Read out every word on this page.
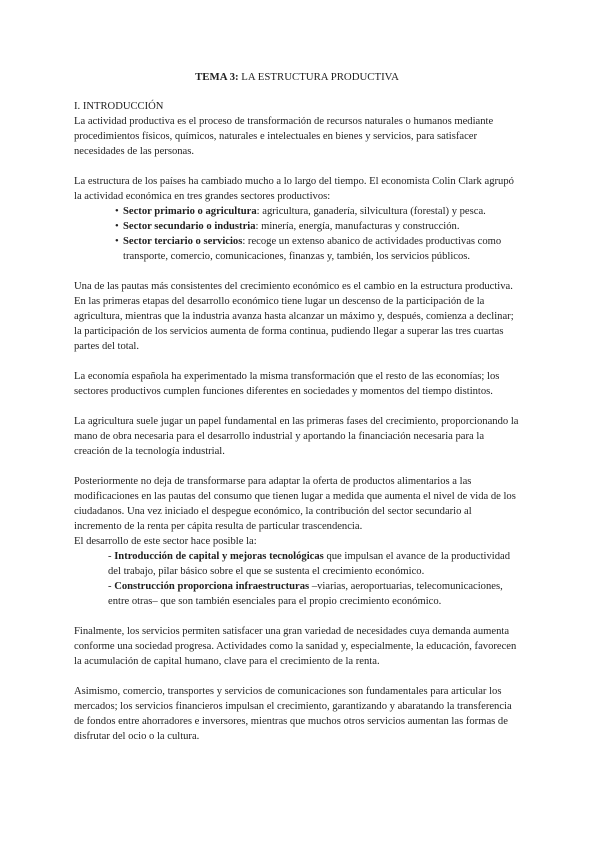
TEMA 3: LA ESTRUCTURA PRODUCTIVA
I. INTRODUCCIÓN

La actividad productiva es el proceso de transformación de recursos naturales o humanos mediante procedimientos físicos, químicos, naturales e intelectuales en bienes y servicios, para satisfacer necesidades de las personas.

La estructura de los países ha cambiado mucho a lo largo del tiempo. El economista Colin Clark agrupó la actividad económica en tres grandes sectores productivos:

• Sector primario o agricultura: agricultura, ganadería, silvicultura (forestal) y pesca.
• Sector secundario o industria: minería, energía, manufacturas y construcción.
• Sector terciario o servicios: recoge un extenso abanico de actividades productivas como transporte, comercio, comunicaciones, finanzas y, también, los servicios públicos.

Una de las pautas más consistentes del crecimiento económico es el cambio en la estructura productiva. En las primeras etapas del desarrollo económico tiene lugar un descenso de la participación de la agricultura, mientras que la industria avanza hasta alcanzar un máximo y, después, comienza a declinar; la participación de los servicios aumenta de forma continua, pudiendo llegar a superar las tres cuartas partes del total.

La economía española ha experimentado la misma transformación que el resto de las economías; los sectores productivos cumplen funciones diferentes en sociedades y momentos del tiempo distintos.

La agricultura suele jugar un papel fundamental en las primeras fases del crecimiento, proporcionando la mano de obra necesaria para el desarrollo industrial y aportando la financiación necesaria para la creación de la tecnología industrial.

Posteriormente no deja de transformarse para adaptar la oferta de productos alimentarios a las modificaciones en las pautas del consumo que tienen lugar a medida que aumenta el nivel de vida de los ciudadanos. Una vez iniciado el despegue económico, la contribución del sector secundario al incremento de la renta per cápita resulta de particular trascendencia.

El desarrollo de este sector hace posible la:

- Introducción de capital y mejoras tecnológicas que impulsan el avance de la productividad del trabajo, pilar básico sobre el que se sustenta el crecimiento económico.
- Construcción proporciona infraestructuras –viarias, aeroportuarias, telecomunicaciones, entre otras– que son también esenciales para el propio crecimiento económico.

Finalmente, los servicios permiten satisfacer una gran variedad de necesidades cuya demanda aumenta conforme una sociedad progresa. Actividades como la sanidad y, especialmente, la educación, favorecen la acumulación de capital humano, clave para el crecimiento de la renta.

Asimismo, comercio, transportes y servicios de comunicaciones son fundamentales para articular los mercados; los servicios financieros impulsan el crecimiento, garantizando y abaratando la transferencia de fondos entre ahorradores e inversores, mientras que muchos otros servicios aumentan las formas de disfrutar del ocio o la cultura.
